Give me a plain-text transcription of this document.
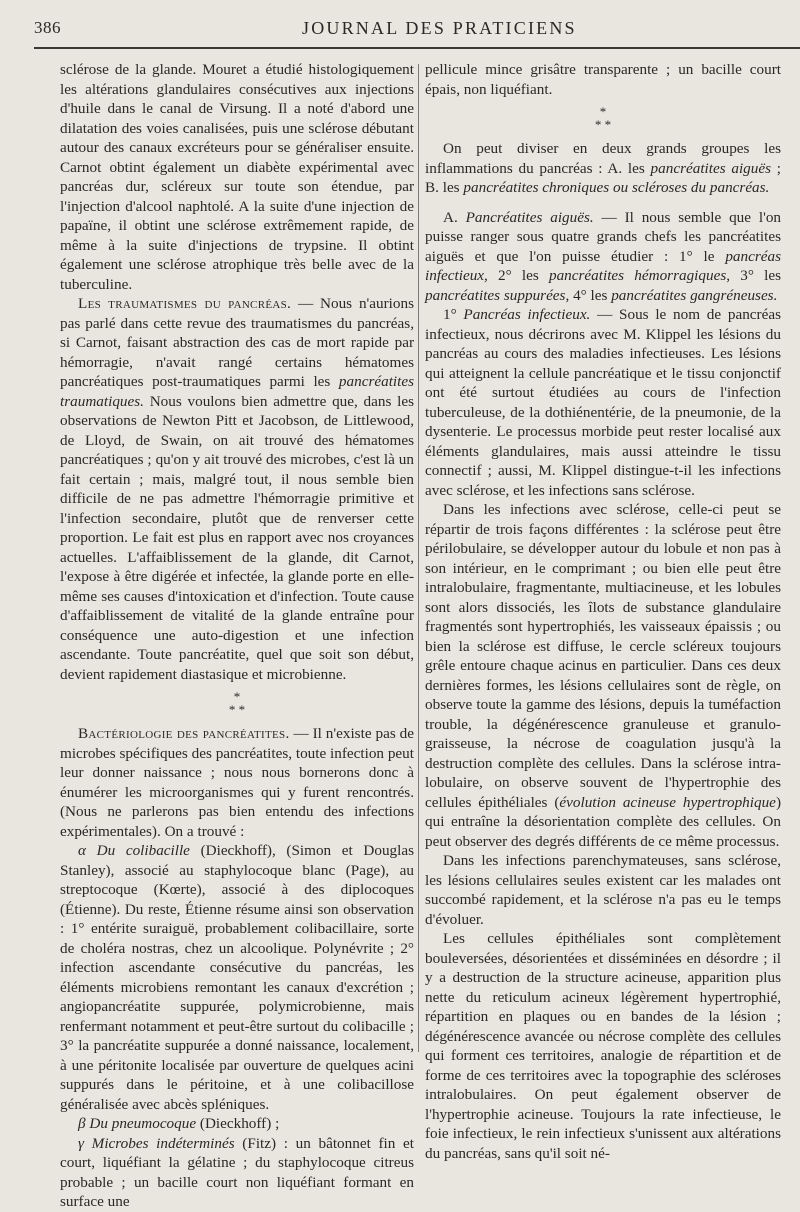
386	JOURNAL DES PRATICIENS

sclérose de la glande. Mouret a étudié histologiquement les altérations glandulaires consécutives aux injections d'huile dans le canal de Virsung. Il a noté d'abord une dilatation des voies canalisées, puis une sclérose débutant autour des canaux excréteurs pour se généraliser ensuite. Carnot obtint également un diabète expérimental avec pancréas dur, scléreux sur toute son étendue, par l'injection d'alcool naphtolé. A la suite d'une injection de papaïne, il obtint une sclérose extrêmement rapide, de même à la suite d'injections de trypsine. Il obtint également une sclérose atrophique très belle avec de la tuberculine.

Les traumatismes du pancréas. — Nous n'aurions pas parlé dans cette revue des traumatismes du pancréas, si Carnot, faisant abstraction des cas de mort rapide par hémorragie, n'avait rangé certains hématomes pancréatiques post-traumatiques parmi les pancréatites traumatiques. Nous voulons bien admettre que, dans les observations de Newton Pitt et Jacobson, de Littlewood, de Lloyd, de Swain, on ait trouvé des hématomes pancréatiques ; qu'on y ait trouvé des microbes, c'est là un fait certain ; mais, malgré tout, il nous semble bien difficile de ne pas admettre l'hémorragie primitive et l'infection secondaire, plutôt que de renverser cette proportion. Le fait est plus en rapport avec nos croyances actuelles. L'affaiblissement de la glande, dit Carnot, l'expose à être digérée et infectée, la glande porte en elle-même ses causes d'intoxication et d'infection. Toute cause d'affaiblissement de vitalité de la glande entraîne pour conséquence une auto-digestion et une infection ascendante. Toute pancréatite, quel que soit son début, devient rapidement diastasique et microbienne.

*
* *

Bactériologie des pancréatites. — Il n'existe pas de microbes spécifiques des pancréatites, toute infection peut leur donner naissance ; nous nous bornerons donc à énumérer les microorganismes qui y furent rencontrés. (Nous ne parlerons pas bien entendu des infections expérimentales). On a trouvé :

α Du colibacille (Dieckhoff), (Simon et Douglas Stanley), associé au staphylocoque blanc (Page), au streptocoque (Kœrte), associé à des diplocoques (Étienne). Du reste, Étienne résume ainsi son observation : 1° entérite suraiguë, probablement colibacillaire, sorte de choléra nostras, chez un alcoolique. Polynévrite ; 2° infection ascendante consécutive du pancréas, les éléments microbiens remontant les canaux d'excrétion ; angiopancréatite suppurée, polymicrobienne, mais renfermant notamment et peut-être surtout du colibacille ; 3° la pancréatite suppurée a donné naissance, localement, à une péritonite localisée par ouverture de quelques acini suppurés dans le péritoine, et à une colibacillose généralisée avec abcès spléniques.

β Du pneumocoque (Dieckhoff) ;

γ Microbes indéterminés (Fitz) : un bâtonnet fin et court, liquéfiant la gélatine ; du staphylocoque citreus probable ; un bacille court non liquéfiant formant en surface une

pellicule mince grisâtre transparente ; un bacille court épais, non liquéfiant.

*
* *

On peut diviser en deux grands groupes les inflammations du pancréas : A. les pancréatites aiguës ; B. les pancréatites chroniques ou scléroses du pancréas.

A. Pancréatites aiguës. — Il nous semble que l'on puisse ranger sous quatre grands chefs les pancréatites aiguës et que l'on puisse étudier : 1° le pancréas infectieux, 2° les pancréatites hémorragiques, 3° les pancréatites suppurées, 4° les pancréatites gangréneuses.

1° Pancréas infectieux. — Sous le nom de pancréas infectieux, nous décrirons avec M. Klippel les lésions du pancréas au cours des maladies infectieuses. Les lésions qui atteignent la cellule pancréatique et le tissu conjonctif ont été surtout étudiées au cours de l'infection tuberculeuse, de la dothiénentérie, de la pneumonie, de la dysenterie. Le processus morbide peut rester localisé aux éléments glandulaires, mais aussi atteindre le tissu connectif ; aussi, M. Klippel distingue-t-il les infections avec sclérose, et les infections sans sclérose.

Dans les infections avec sclérose, celle-ci peut se répartir de trois façons différentes : la sclérose peut être périlobulaire, se développer autour du lobule et non pas à son intérieur, en le comprimant ; ou bien elle peut être intralobulaire, fragmentante, multiacineuse, et les lobules sont alors dissociés, les îlots de substance glandulaire fragmentés sont hypertrophiés, les vaisseaux épaissis ; ou bien la sclérose est diffuse, le cercle scléreux toujours grêle entoure chaque acinus en particulier. Dans ces deux dernières formes, les lésions cellulaires sont de règle, on observe toute la gamme des lésions, depuis la tuméfaction trouble, la dégénérescence granuleuse et granulo-graisseuse, la nécrose de coagulation jusqu'à la destruction complète des cellules. Dans la sclérose intra-lobulaire, on observe souvent de l'hypertrophie des cellules épithéliales (évolution acineuse hypertrophique) qui entraîne la désorientation complète des cellules. On peut observer des degrés différents de ce même processus.

Dans les infections parenchymateuses, sans sclérose, les lésions cellulaires seules existent car les malades ont succombé rapidement, et la sclérose n'a pas eu le temps d'évoluer.

Les cellules épithéliales sont complètement bouleversées, désorientées et disséminées en désordre ; il y a destruction de la structure acineuse, apparition plus nette du reticulum acineux légèrement hypertrophié, répartition en plaques ou en bandes de la lésion ; dégénérescence avancée ou nécrose complète des cellules qui forment ces territoires, analogie de répartition et de forme de ces territoires avec la topographie des scléroses intralobulaires. On peut également observer de l'hypertrophie acineuse. Toujours la rate infectieuse, le foie infectieux, le rein infectieux s'unissent aux altérations du pancréas, sans qu'il soit né-
